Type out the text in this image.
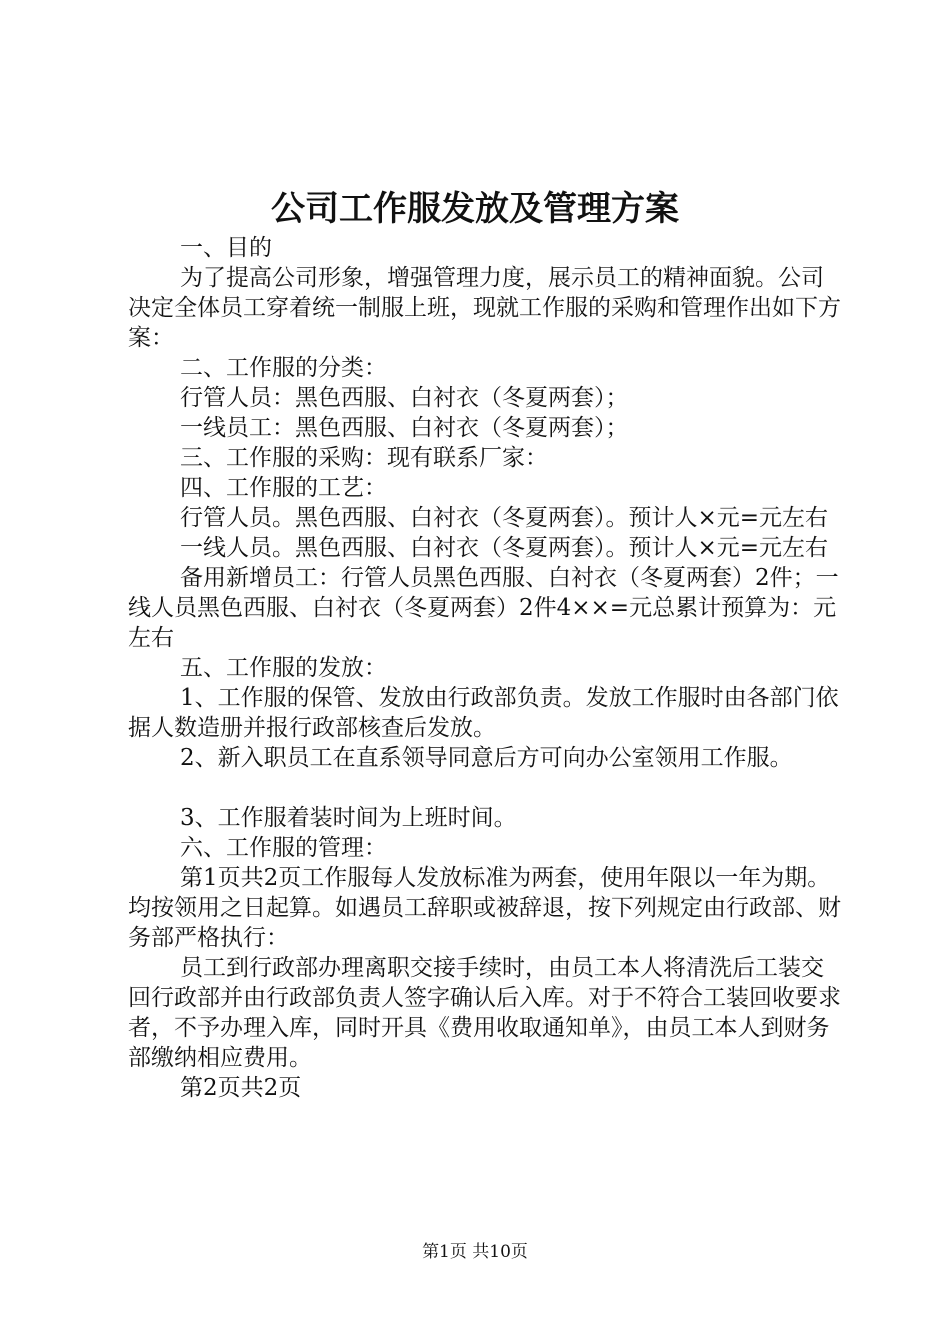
公司工作服发放及管理方案

一、目的

为了提高公司形象，增强管理力度，展示员工的精神面貌。公司决定全体员工穿着统一制服上班，现就工作服的采购和管理作出如下方案：

二、工作服的分类：

行管人员：黑色西服、白衬衣（冬夏两套）；

一线员工：黑色西服、白衬衣（冬夏两套）；

三、工作服的采购：现有联系厂家：

四、工作服的工艺：

行管人员。黑色西服、白衬衣（冬夏两套）。预计人×元=元左右

一线人员。黑色西服、白衬衣（冬夏两套）。预计人×元=元左右

备用新增员工：行管人员黑色西服、白衬衣（冬夏两套）2件；一线人员黑色西服、白衬衣（冬夏两套）2件4××=元总累计预算为：元左右

五、工作服的发放：

1、工作服的保管、发放由行政部负责。发放工作服时由各部门依据人数造册并报行政部核查后发放。

2、新入职员工在直系领导同意后方可向办公室领用工作服。

3、工作服着装时间为上班时间。

六、工作服的管理：

第1页共2页工作服每人发放标准为两套，使用年限以一年为期。均按领用之日起算。如遇员工辞职或被辞退，按下列规定由行政部、财务部严格执行：

员工到行政部办理离职交接手续时，由员工本人将清洗后工装交回行政部并由行政部负责人签字确认后入库。对于不符合工装回收要求者，不予办理入库，同时开具《费用收取通知单》，由员工本人到财务部缴纳相应费用。

第2页共2页

第1页 共10页
